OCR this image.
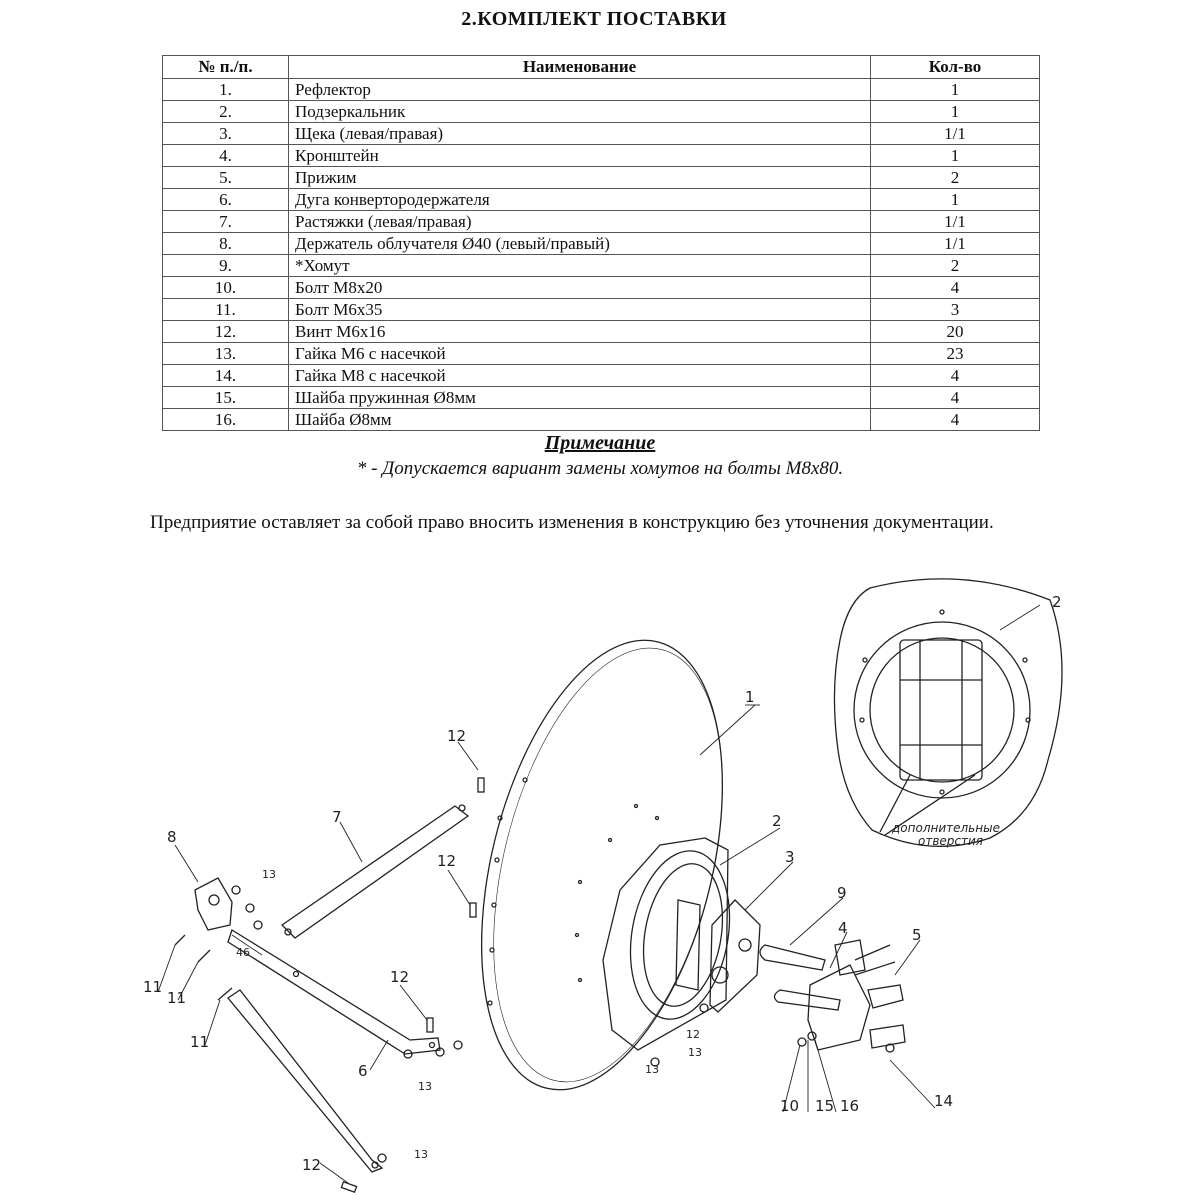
2.КОМПЛЕКТ ПОСТАВКИ
№ п./п.	Наименование	Кол-во
1.	Рефлектор	1
2.	Подзеркальник	1
3.	Щека (левая/правая)	1/1
4.	Кронштейн	1
5.	Прижим	2
6.	Дуга конвертородержателя	1
7.	Растяжки (левая/правая)	1/1
8.	Держатель облучателя Ø40 (левый/правый)	1/1
9.	*Хомут	2
10.	Болт М8х20	4
11.	Болт М6х35	3
12.	Винт М6х16	20
13.	Гайка М6 с насечкой	23
14.	Гайка М8 с насечкой	4
15.	Шайба пружинная Ø8мм	4
16.	Шайба Ø8мм	4
Примечание
* - Допускается вариант замены хомутов на болты М8х80.
Предприятие оставляет за собой право вносить изменения в конструкцию без уточнения документации.
46
1
2
2
3
4	5
6
7
8
9
10 15 16	14
11
11
11
12
12
12
12
12
13
13
13
13
13
дополнительные
отверстия
